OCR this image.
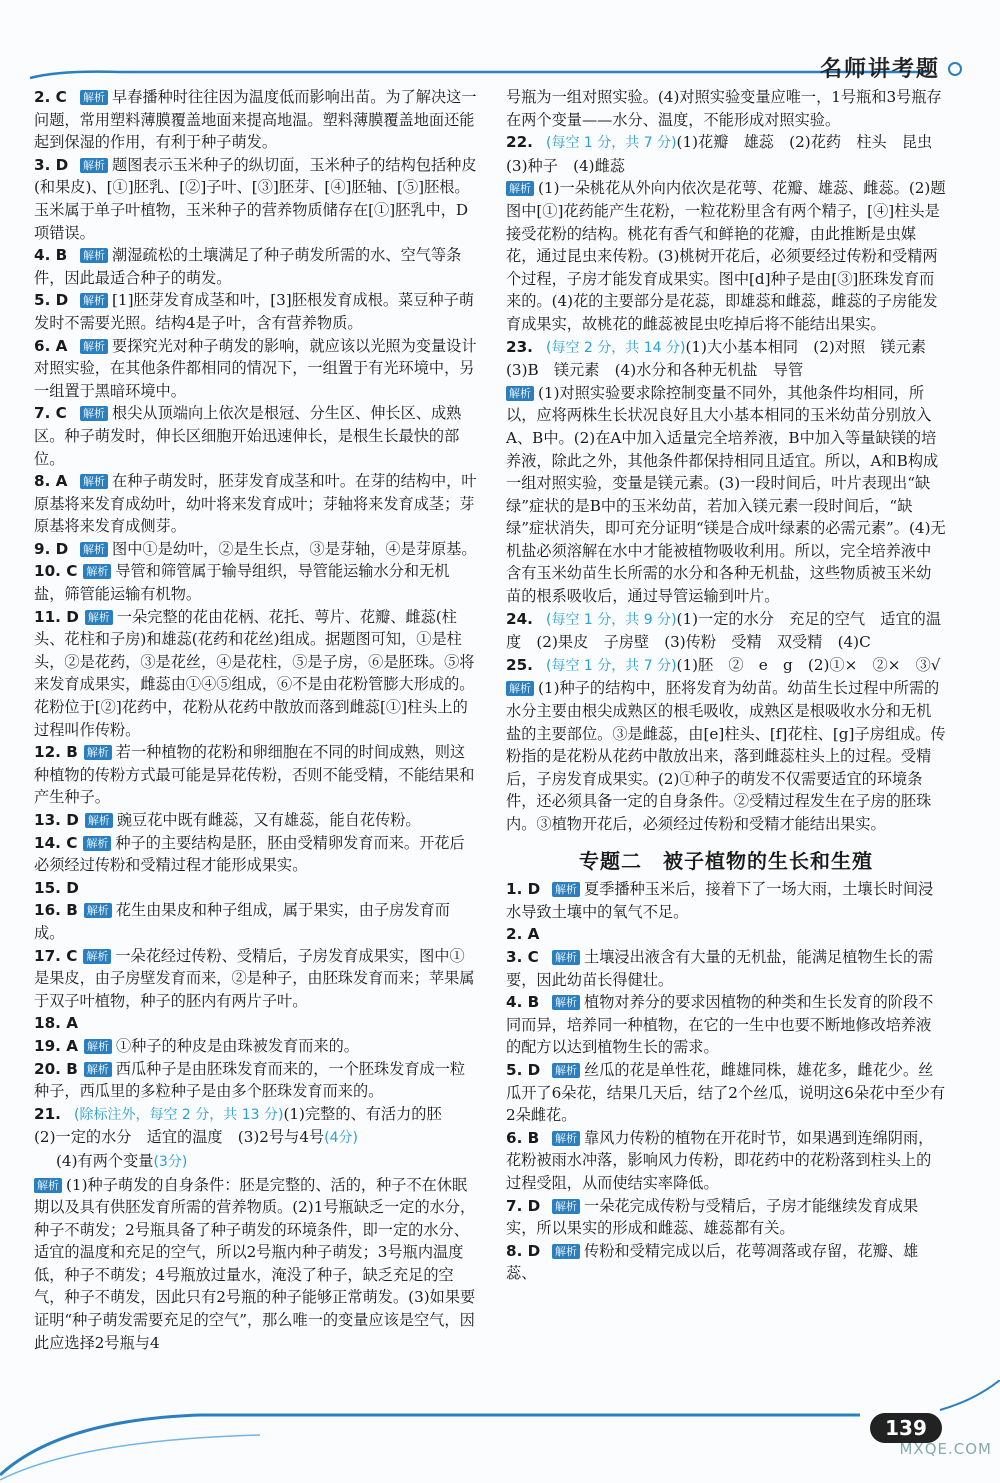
名师讲考题
2. C 解析 早春播种时往往因为温度低而影响出苗。为了解决这一问题，常用塑料薄膜覆盖地面来提高地温。塑料薄膜覆盖地面还能起到保湿的作用，有利于种子萌发。
3. D 解析 题图表示玉米种子的纵切面，玉米种子的结构包括种皮(和果皮)、[①]胚乳、[②]子叶、[③]胚芽、[④]胚轴、[⑤]胚根。玉米属于单子叶植物，玉米种子的营养物质储存在[①]胚乳中，D项错误。
4. B 解析 潮湿疏松的土壤满足了种子萌发所需的水、空气等条件，因此最适合种子的萌发。
5. D 解析 [1]胚芽发育成茎和叶，[3]胚根发育成根。菜豆种子萌发时不需要光照。结构4是子叶，含有营养物质。
6. A 解析 要探究光对种子萌发的影响，就应该以光照为变量设计对照实验，在其他条件都相同的情况下，一组置于有光环境中，另一组置于黑暗环境中。
7. C 解析 根尖从顶端向上依次是根冠、分生区、伸长区、成熟区。种子萌发时，伸长区细胞开始迅速伸长，是根生长最快的部位。
8. A 解析 在种子萌发时，胚芽发育成茎和叶。在芽的结构中，叶原基将来发育成幼叶，幼叶将来发育成叶；芽轴将来发育成茎；芽原基将来发育成侧芽。
9. D 解析 图中①是幼叶，②是生长点，③是芽轴，④是芽原基。
10. C 解析 导管和筛管属于输导组织，导管能运输水分和无机盐，筛管能运输有机物。
11. D 解析 一朵完整的花由花柄、花托、萼片、花瓣、雌蕊(柱头、花柱和子房)和雄蕊(花药和花丝)组成。据题图可知，①是柱头，②是花药，③是花丝，④是花柱，⑤是子房，⑥是胚珠。⑤将来发育成果实，雌蕊由①④⑤组成，⑥不是由花粉管膨大形成的。花粉位于[②]花药中，花粉从花药中散放而落到雌蕊[①]柱头上的过程叫作传粉。
12. B 解析 若一种植物的花粉和卵细胞在不同的时间成熟，则这种植物的传粉方式最可能是异花传粉，否则不能受精，不能结果和产生种子。
13. D 解析 豌豆花中既有雌蕊，又有雄蕊，能自花传粉。
14. C 解析 种子的主要结构是胚，胚由受精卵发育而来。开花后必须经过传粉和受精过程才能形成果实。
15. D
16. B 解析 花生由果皮和种子组成，属于果实，由子房发育而成。
17. C 解析 一朵花经过传粉、受精后，子房发育成果实，图中①是果皮，由子房壁发育而来，②是种子，由胚珠发育而来；苹果属于双子叶植物，种子的胚内有两片子叶。
18. A
19. A 解析 ①种子的种皮是由珠被发育而来的。
20. B 解析 西瓜种子是由胚珠发育而来的，一个胚珠发育成一粒种子，西瓜里的多粒种子是由多个胚珠发育而来的。
21. (除标注外，每空 2 分，共 13 分)(1)完整的、有活力的胚　(2)一定的水分　适宜的温度　(3)2号与4号(4分)
(4)有两个变量(3分)
解析 (1)种子萌发的自身条件：胚是完整的、活的，种子不在休眠期以及具有供胚发育所需的营养物质。(2)1号瓶缺乏一定的水分，种子不萌发；2号瓶具备了种子萌发的环境条件，即一定的水分、适宜的温度和充足的空气，所以2号瓶内种子萌发；3号瓶内温度低，种子不萌发；4号瓶放过量水，淹没了种子，缺乏充足的空气，种子不萌发，因此只有2号瓶的种子能够正常萌发。(3)如果要证明“种子萌发需要充足的空气”，那么唯一的变量应该是空气，因此应选择2号瓶与4
号瓶为一组对照实验。(4)对照实验变量应唯一，1号瓶和3号瓶存在两个变量——水分、温度，不能形成对照实验。
22. (每空 1 分，共 7 分)(1)花瓣　雄蕊　(2)花药　柱头　昆虫　(3)种子　(4)雌蕊
解析 (1)一朵桃花从外向内依次是花萼、花瓣、雄蕊、雌蕊。(2)题图中[①]花药能产生花粉，一粒花粉里含有两个精子，[④]柱头是接受花粉的结构。桃花有香气和鲜艳的花瓣，由此推断是虫媒花，通过昆虫来传粉。(3)桃树开花后，必须要经过传粉和受精两个过程，子房才能发育成果实。图中[d]种子是由[③]胚珠发育而来的。(4)花的主要部分是花蕊，即雄蕊和雌蕊，雌蕊的子房能发育成果实，故桃花的雌蕊被昆虫吃掉后将不能结出果实。
23. (每空 2 分，共 14 分)(1)大小基本相同　(2)对照　镁元素　(3)B　镁元素　(4)水分和各种无机盐　导管
解析 (1)对照实验要求除控制变量不同外，其他条件均相同，所以，应将两株生长状况良好且大小基本相同的玉米幼苗分别放入A、B中。(2)在A中加入适量完全培养液，B中加入等量缺镁的培养液，除此之外，其他条件都保持相同且适宜。所以，A和B构成一组对照实验，变量是镁元素。(3)一段时间后，叶片表现出“缺绿”症状的是B中的玉米幼苗，若加入镁元素一段时间后，“缺绿”症状消失，即可充分证明“镁是合成叶绿素的必需元素”。(4)无机盐必须溶解在水中才能被植物吸收利用。所以，完全培养液中含有玉米幼苗生长所需的水分和各种无机盐，这些物质被玉米幼苗的根系吸收后，通过导管运输到叶片。
24. (每空 1 分，共 9 分)(1)一定的水分　充足的空气　适宜的温度　(2)果皮　子房壁　(3)传粉　受精　双受精　(4)C
25. (每空 1 分，共 7 分)(1)胚　②　e　g　(2)①×　②×　③√
解析 (1)种子的结构中，胚将发育为幼苗。幼苗生长过程中所需的水分主要由根尖成熟区的根毛吸收，成熟区是根吸收水分和无机盐的主要部位。③是雌蕊，由[e]柱头、[f]花柱、[g]子房组成。传粉指的是花粉从花药中散放出来，落到雌蕊柱头上的过程。受精后，子房发育成果实。(2)①种子的萌发不仅需要适宜的环境条件，还必须具备一定的自身条件。②受精过程发生在子房的胚珠内。③植物开花后，必须经过传粉和受精才能结出果实。
专题二　被子植物的生长和生殖
1. D 解析 夏季播种玉米后，接着下了一场大雨，土壤长时间浸水导致土壤中的氧气不足。
2. A
3. C 解析 土壤浸出液含有大量的无机盐，能满足植物生长的需要，因此幼苗长得健壮。
4. B 解析 植物对养分的要求因植物的种类和生长发育的阶段不同而异，培养同一种植物，在它的一生中也要不断地修改培养液的配方以达到植物生长的需求。
5. D 解析 丝瓜的花是单性花，雌雄同株，雄花多，雌花少。丝瓜开了6朵花，结果几天后，结了2个丝瓜，说明这6朵花中至少有2朵雌花。
6. B 解析 靠风力传粉的植物在开花时节，如果遇到连绵阴雨，花粉被雨水冲落，影响风力传粉，即花药中的花粉落到柱头上的过程受阻，从而使结实率降低。
7. D 解析 一朵花完成传粉与受精后，子房才能继续发育成果实，所以果实的形成和雌蕊、雄蕊都有关。
8. D 解析 传粉和受精完成以后，花萼凋落或存留，花瓣、雄蕊、
139
MXQE.COM
